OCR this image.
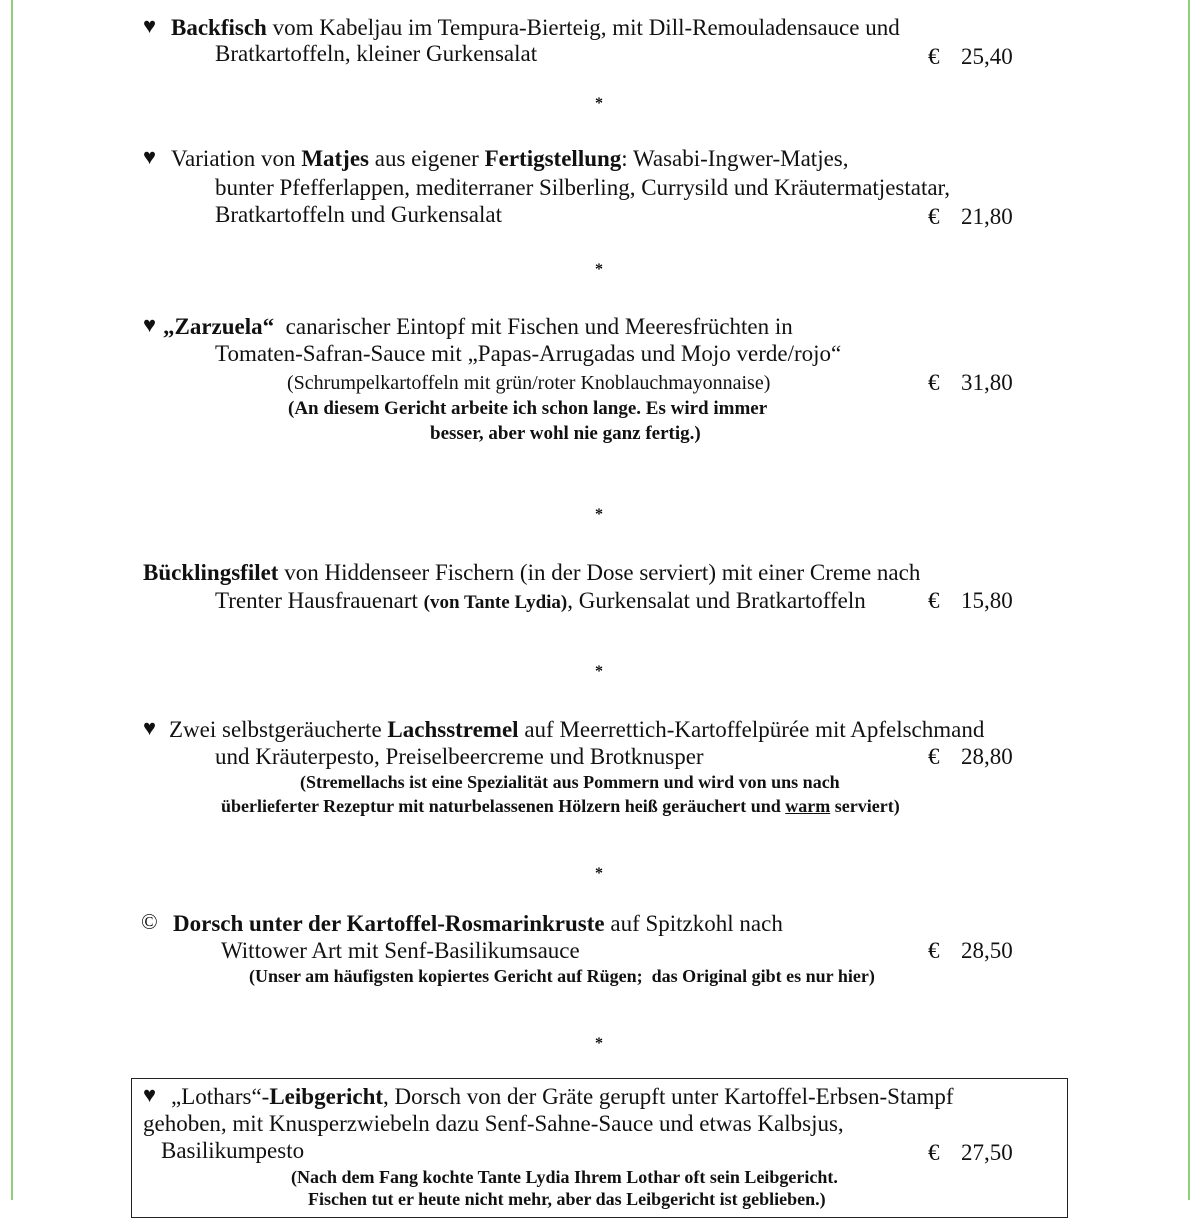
♥ Backfisch vom Kabeljau im Tempura-Bierteig, mit Dill-Remouladensauce und
Bratkartoffeln, kleiner Gurkensalat	€ 25,40
*
♥ Variation von Matjes aus eigener Fertigstellung: Wasabi-Ingwer-Matjes,
bunter Pfefferlappen, mediterraner Silberling, Currysild und Kräutermatjestatar,
Bratkartoffeln und Gurkensalat	€ 21,80
*
♥ „Zarzuela“  canarischer Eintopf mit Fischen und Meeresfrüchten in
Tomaten-Safran-Sauce mit „Papas-Arrugadas und Mojo verde/rojo“
(Schrumpelkartoffeln mit grün/roter Knoblauchmayonnaise)	€ 31,80
(An diesem Gericht arbeite ich schon lange. Es wird immer
besser, aber wohl nie ganz fertig.)
*
Bücklingsfilet von Hiddenseer Fischern (in der Dose serviert) mit einer Creme nach
Trenter Hausfrauenart (von Tante Lydia), Gurkensalat und Bratkartoffeln	€ 15,80
*
♥ Zwei selbstgeräucherte Lachsstremel auf Meerrettich-Kartoffelpürée mit Apfelschmand
und Kräuterpesto, Preiselbeercreme und Brotknusper	€ 28,80
(Stremellachs ist eine Spezialität aus Pommern und wird von uns nach
überlieferter Rezeptur mit naturbelassenen Hölzern heiß geräuchert und warm serviert)
*
© Dorsch unter der Kartoffel-Rosmarinkruste auf Spitzkohl nach
Wittower Art mit Senf-Basilikumsauce	€ 28,50
(Unser am häufigsten kopiertes Gericht auf Rügen;  das Original gibt es nur hier)
*
♥ „Lothars“-Leibgericht, Dorsch von der Gräte gerupft unter Kartoffel-Erbsen-Stampf
gehoben, mit Knusperzwiebeln dazu Senf-Sahne-Sauce und etwas Kalbsjus,
Basilikumpesto	€ 27,50
(Nach dem Fang kochte Tante Lydia Ihrem Lothar oft sein Leibgericht.
Fischen tut er heute nicht mehr, aber das Leibgericht ist geblieben.)
